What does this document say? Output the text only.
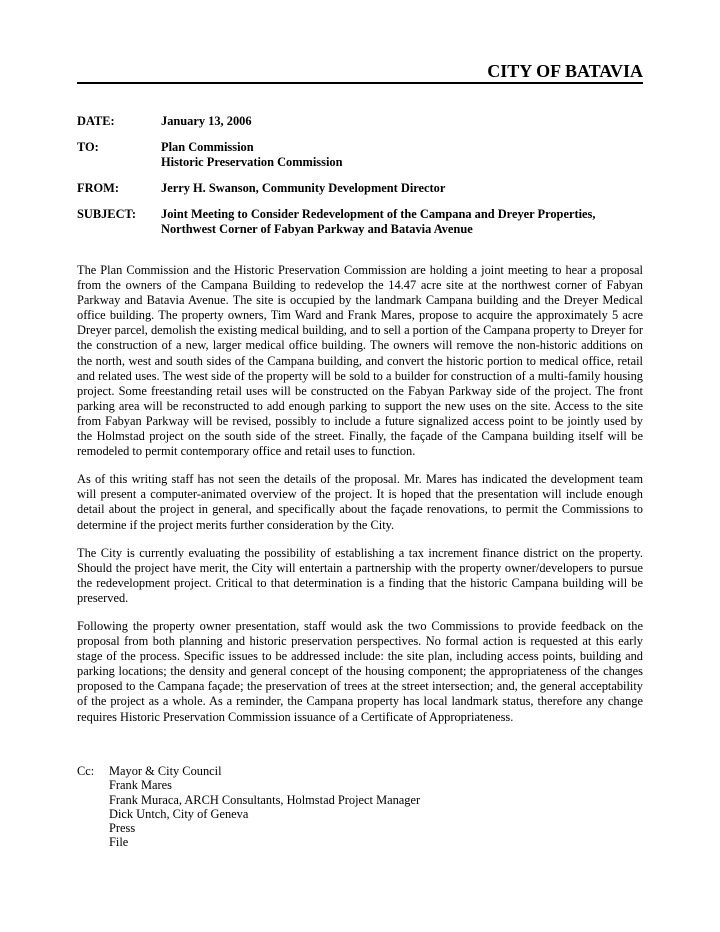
CITY OF BATAVIA
DATE:	January 13, 2006
TO:	Plan Commission
Historic Preservation Commission
FROM:	Jerry H. Swanson, Community Development Director
SUBJECT:	Joint Meeting to Consider Redevelopment of the Campana and Dreyer Properties,
Northwest Corner of Fabyan Parkway and Batavia Avenue

The Plan Commission and the Historic Preservation Commission are holding a joint meeting to hear a proposal from the owners of the Campana Building to redevelop the 14.47 acre site at the northwest corner of Fabyan Parkway and Batavia Avenue. The site is occupied by the landmark Campana building and the Dreyer Medical office building. The property owners, Tim Ward and Frank Mares, propose to acquire the approximately 5 acre Dreyer parcel, demolish the existing medical building, and to sell a portion of the Campana property to Dreyer for the construction of a new, larger medical office building. The owners will remove the non-historic additions on the north, west and south sides of the Campana building, and convert the historic portion to medical office, retail and related uses. The west side of the property will be sold to a builder for construction of a multi-family housing project. Some freestanding retail uses will be constructed on the Fabyan Parkway side of the project. The front parking area will be reconstructed to add enough parking to support the new uses on the site. Access to the site from Fabyan Parkway will be revised, possibly to include a future signalized access point to be jointly used by the Holmstad project on the south side of the street. Finally, the façade of the Campana building itself will be remodeled to permit contemporary office and retail uses to function.

As of this writing staff has not seen the details of the proposal. Mr. Mares has indicated the development team will present a computer-animated overview of the project. It is hoped that the presentation will include enough detail about the project in general, and specifically about the façade renovations, to permit the Commissions to determine if the project merits further consideration by the City.

The City is currently evaluating the possibility of establishing a tax increment finance district on the property. Should the project have merit, the City will entertain a partnership with the property owner/developers to pursue the redevelopment project. Critical to that determination is a finding that the historic Campana building will be preserved.

Following the property owner presentation, staff would ask the two Commissions to provide feedback on the proposal from both planning and historic preservation perspectives. No formal action is requested at this early stage of the process. Specific issues to be addressed include: the site plan, including access points, building and parking locations; the density and general concept of the housing component; the appropriateness of the changes proposed to the Campana façade; the preservation of trees at the street intersection; and, the general acceptability of the project as a whole. As a reminder, the Campana property has local landmark status, therefore any change requires Historic Preservation Commission issuance of a Certificate of Appropriateness.

Cc:	Mayor & City Council
Frank Mares
Frank Muraca, ARCH Consultants, Holmstad Project Manager
Dick Untch, City of Geneva
Press
File
